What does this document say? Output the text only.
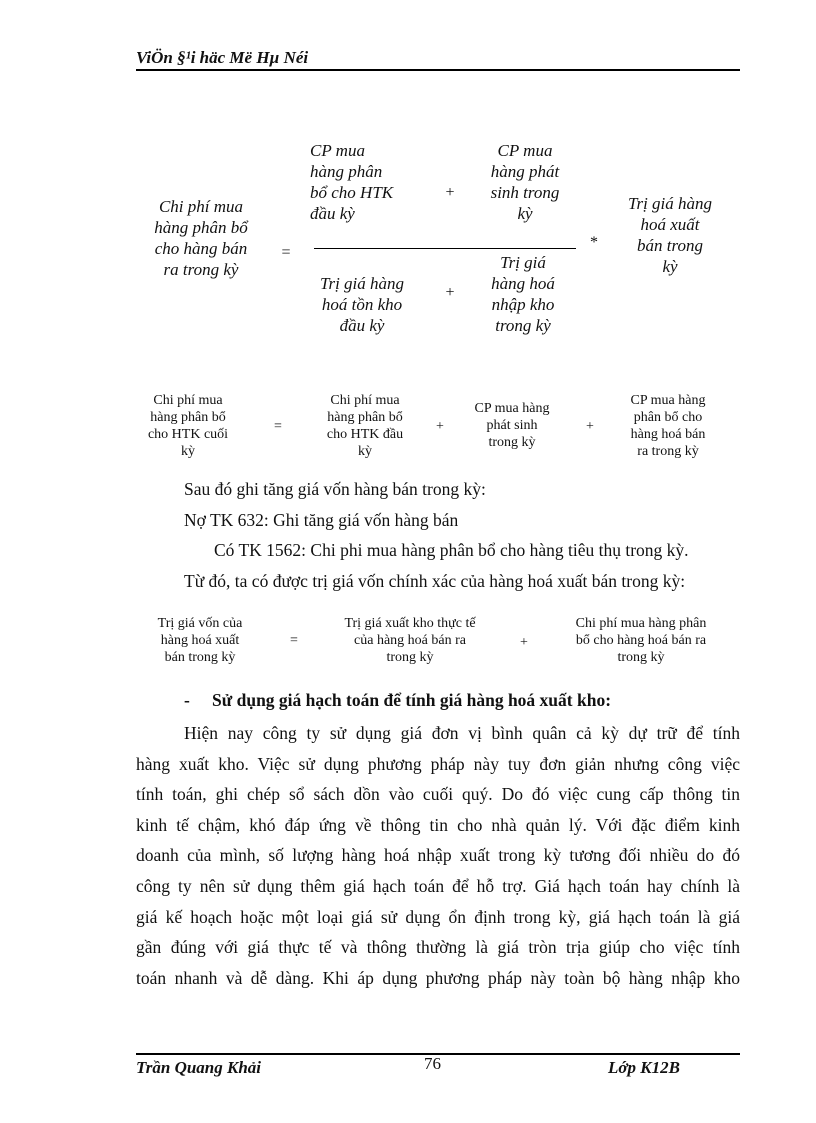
ViÖn §¹i häc Më Hµ Néi
Chi phí mua
hàng phân bổ
cho hàng bán
ra trong kỳ
=
CP mua
hàng phân
bổ cho HTK
đầu kỳ
+
CP mua
hàng phát
sinh trong
kỳ
Trị giá hàng
hoá tồn kho
đầu kỳ
+
Trị giá
hàng hoá
nhập kho
trong kỳ
*
Trị giá hàng
hoá xuất
bán trong
kỳ
Chi phí mua
hàng phân bổ
cho HTK cuối
kỳ
=
Chi phí mua
hàng phân bổ
cho HTK đầu
kỳ
+
CP mua hàng
phát sinh
trong kỳ
+
CP mua hàng
phân bổ cho
hàng hoá bán
ra trong kỳ
Sau đó ghi tăng giá vốn hàng bán trong kỳ:
Nợ TK 632: Ghi tăng giá vốn hàng bán
Có TK 1562: Chi phi mua hàng phân bổ cho hàng tiêu thụ trong kỳ.
Từ đó, ta có được trị giá vốn chính xác của hàng hoá xuất bán trong kỳ:
Trị giá vốn của
hàng hoá xuất
bán trong kỳ
=
Trị giá xuất kho thực tế
của hàng hoá bán ra
trong kỳ
+
Chi phí mua hàng phân
bổ cho hàng hoá bán ra
trong kỳ
- Sử dụng giá hạch toán để tính giá hàng hoá xuất kho:
Hiện nay công ty sử dụng giá đơn vị bình quân cả kỳ dự trữ để tính
hàng xuất kho. Việc sử dụng phương pháp này tuy đơn giản nhưng công việc
tính toán, ghi chép sổ sách dồn vào cuối quý. Do đó việc cung cấp thông tin
kinh tế chậm, khó đáp ứng về thông tin cho nhà quản lý. Với đặc điểm kinh
doanh của mình, số lượng hàng hoá nhập xuất trong kỳ tương đối nhiều do đó
công ty nên sử dụng thêm giá hạch toán để hỗ trợ. Giá hạch toán hay chính là
giá kế hoạch hoặc một loại giá sử dụng ổn định trong kỳ, giá hạch toán là giá
gần đúng với giá thực tế và thông thường là giá tròn trịa giúp cho việc tính
toán nhanh và dễ dàng. Khi áp dụng phương pháp này toàn bộ hàng nhập kho
Trần Quang Khải	76	Lớp K12B
